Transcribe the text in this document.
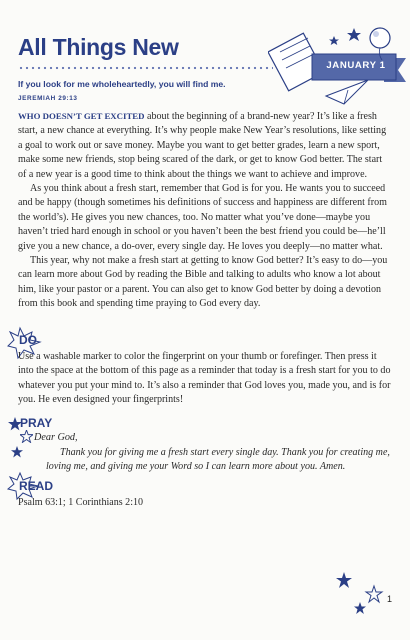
All Things New
If you look for me wholeheartedly, you will find me.
JEREMIAH 29:13
JANUARY 1

WHO DOESN’T GET EXCITED about the beginning of a brand-new year? It’s like a fresh start, a new chance at everything. It’s why people make New Year’s resolutions, like setting a goal to work out or save money. Maybe you want to get better grades, learn a new sport, make some new friends, stop being scared of the dark, or get to know God better. The start of a new year is a good time to think about the things we want to achieve and improve.

As you think about a fresh start, remember that God is for you. He wants you to succeed and be happy (though sometimes his definitions of success and happiness are different from the world’s). He gives you new chances, too. No matter what you’ve done—maybe you haven’t tried hard enough in school or you haven’t been the best friend you could be—he’ll give you a new chance, a do-over, every single day. He loves you deeply—no matter what.

This year, why not make a fresh start at getting to know God better? It’s easy to do—you can learn more about God by reading the Bible and talking to adults who know a lot about him, like your pastor or a parent. You can also get to know God better by doing a devotion from this book and spending time praying to God every day.

DO
Use a washable marker to color the fingerprint on your thumb or forefinger. Then press it into the space at the bottom of this page as a reminder that today is a fresh start for you to do whatever you put your mind to. It’s also a reminder that God loves you, made you, and is for you. He even designed your fingerprints!
PRAY
Dear God,
Thank you for giving me a fresh start every single day. Thank you for creating me,
loving me, and giving me your Word so I can learn more about you. Amen.
READ
Psalm 63:1; 1 Corinthians 2:10
1
